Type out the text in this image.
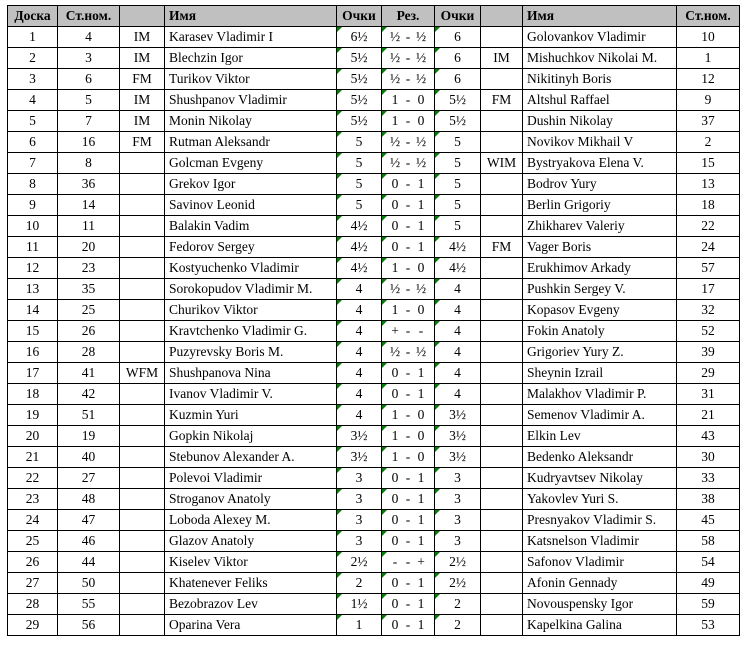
Доска	Ст.ном.		Имя	Очки	Рез.	Очки		Имя	Ст.ном.
1	4	IM	Karasev Vladimir I	6½	½ - ½	6		Golovankov Vladimir	10
2	3	IM	Blechzin Igor	5½	½ - ½	6	IM	Mishuchkov Nikolai M.	1
3	6	FM	Turikov Viktor	5½	½ - ½	6		Nikitinyh Boris	12
4	5	IM	Shushpanov Vladimir	5½	1 - 0	5½	FM	Altshul Raffael	9
5	7	IM	Monin Nikolay	5½	1 - 0	5½		Dushin Nikolay	37
6	16	FM	Rutman Aleksandr	5	½ - ½	5		Novikov Mikhail V	2
7	8		Golcman Evgeny	5	½ - ½	5	WIM	Bystryakova Elena V.	15
8	36		Grekov Igor	5	0 - 1	5		Bodrov Yury	13
9	14		Savinov Leonid	5	0 - 1	5		Berlin Grigoriy	18
10	11		Balakin Vadim	4½	0 - 1	5		Zhikharev Valeriy	22
11	20		Fedorov Sergey	4½	0 - 1	4½	FM	Vager Boris	24
12	23		Kostyuchenko Vladimir	4½	1 - 0	4½		Erukhimov Arkady	57
13	35		Sorokopudov Vladimir M.	4	½ - ½	4		Pushkin Sergey V.	17
14	25		Churikov Viktor	4	1 - 0	4		Kopasov Evgeny	32
15	26		Kravtchenko Vladimir G.	4	+ - -	4		Fokin Anatoly	52
16	28		Puzyrevsky Boris M.	4	½ - ½	4		Grigoriev Yury Z.	39
17	41	WFM	Shushpanova Nina	4	0 - 1	4		Sheynin Izrail	29
18	42		Ivanov Vladimir V.	4	0 - 1	4		Malakhov Vladimir P.	31
19	51		Kuzmin Yuri	4	1 - 0	3½		Semenov Vladimir A.	21
20	19		Gopkin Nikolaj	3½	1 - 0	3½		Elkin Lev	43
21	40		Stebunov Alexander A.	3½	1 - 0	3½		Bedenko Aleksandr	30
22	27		Polevoi Vladimir	3	0 - 1	3		Kudryavtsev Nikolay	33
23	48		Stroganov Anatoly	3	0 - 1	3		Yakovlev Yuri S.	38
24	47		Loboda Alexey M.	3	0 - 1	3		Presnyakov Vladimir S.	45
25	46		Glazov Anatoly	3	0 - 1	3		Katsnelson Vladimir	58
26	44		Kiselev Viktor	2½	- - +	2½		Safonov Vladimir	54
27	50		Khatenever Feliks	2	0 - 1	2½		Afonin Gennady	49
28	55		Bezobrazov Lev	1½	0 - 1	2		Novouspensky Igor	59
29	56		Oparina Vera	1	0 - 1	2		Kapelkina Galina	53
